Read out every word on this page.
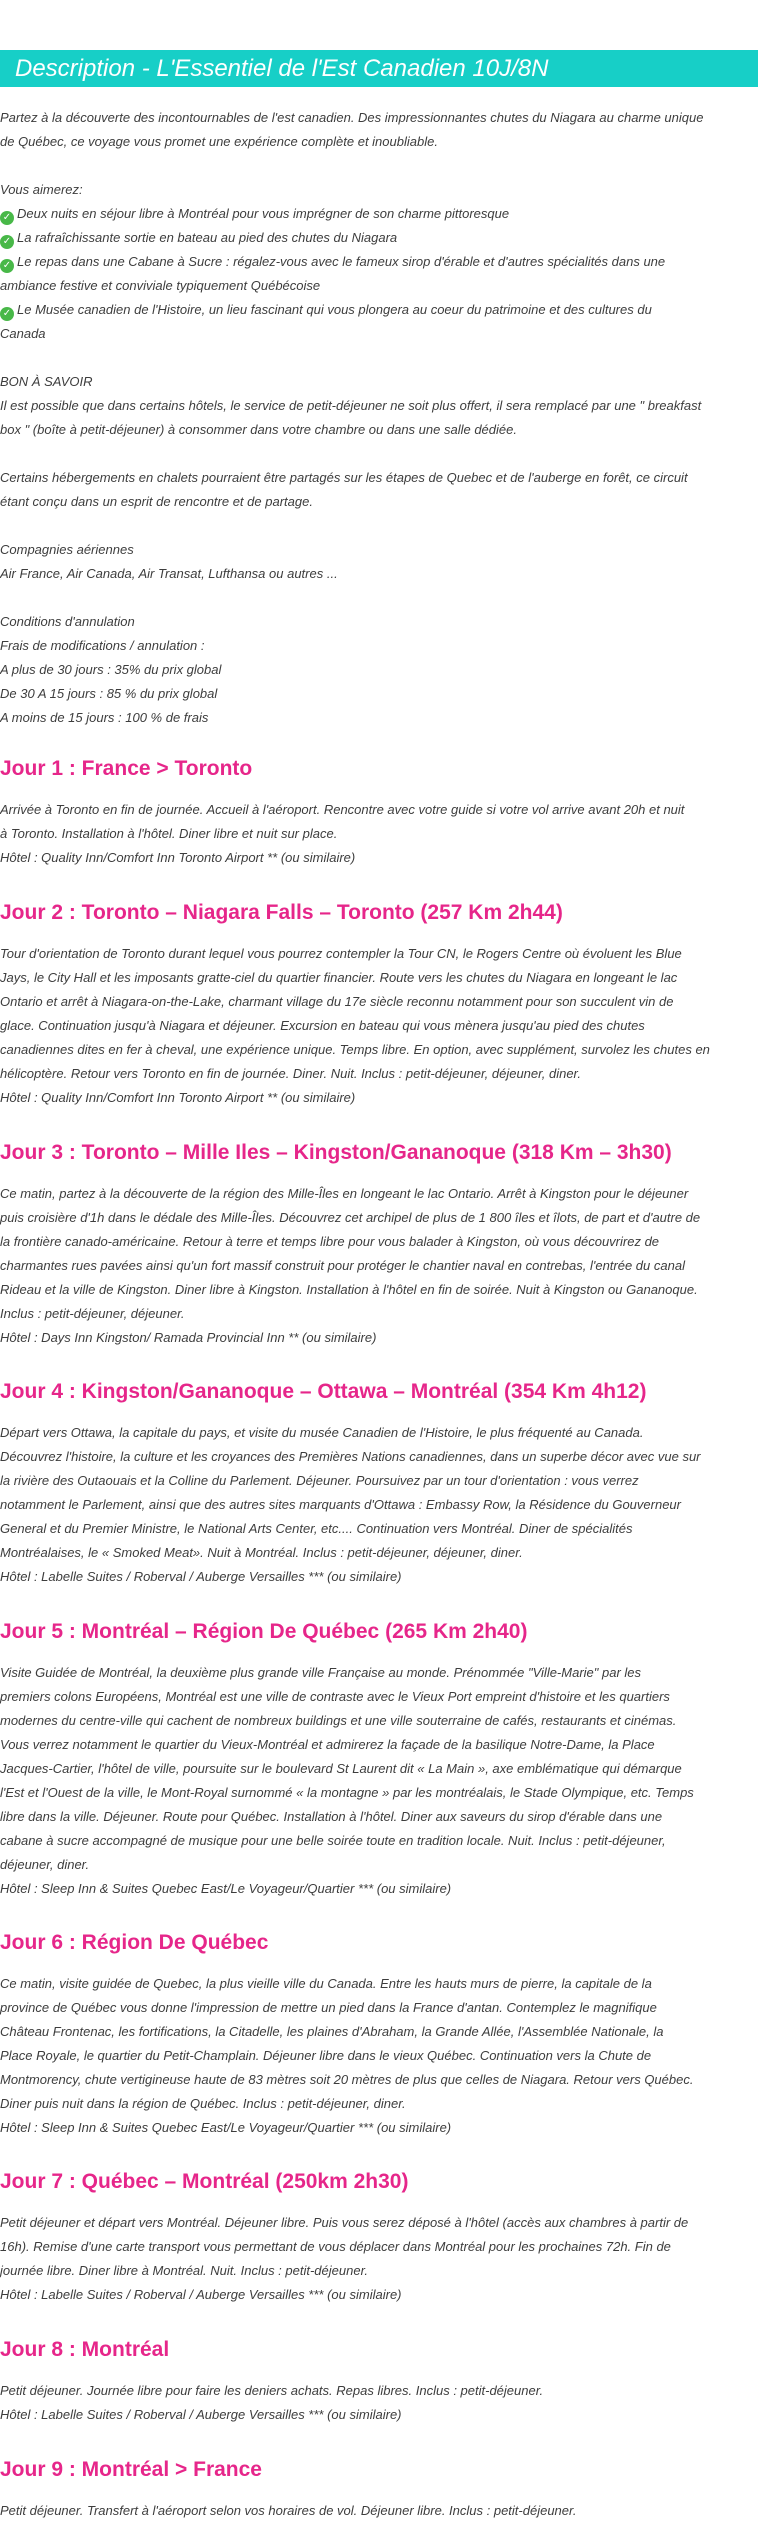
Description - L'Essentiel de l'Est Canadien 10J/8N
Partez à la découverte des incontournables de l'est canadien. Des impressionnantes chutes du Niagara au charme unique
de Québec, ce voyage vous promet une expérience complète et inoubliable.
Vous aimerez:
✓ Deux nuits en séjour libre à Montréal pour vous imprégner de son charme pittoresque
✓ La rafraîchissante sortie en bateau au pied des chutes du Niagara
✓ Le repas dans une Cabane à Sucre : régalez-vous avec le fameux sirop d'érable et d'autres spécialités dans une
ambiance festive et conviviale typiquement Québécoise
✓ Le Musée canadien de l'Histoire, un lieu fascinant qui vous plongera au coeur du patrimoine et des cultures du
Canada
BON À SAVOIR
Il est possible que dans certains hôtels, le service de petit-déjeuner ne soit plus offert, il sera remplacé par une " breakfast
box " (boîte à petit-déjeuner) à consommer dans votre chambre ou dans une salle dédiée.
Certains hébergements en chalets pourraient être partagés sur les étapes de Quebec et de l'auberge en forêt, ce circuit
étant conçu dans un esprit de rencontre et de partage.
Compagnies aériennes
Air France, Air Canada, Air Transat, Lufthansa ou autres ...
Conditions d'annulation
Frais de modifications / annulation :
A plus de 30 jours : 35% du prix global
De 30 A 15 jours : 85 % du prix global
A moins de 15 jours : 100 % de frais
Jour 1 : France > Toronto
Arrivée à Toronto en fin de journée. Accueil à l'aéroport. Rencontre avec votre guide si votre vol arrive avant 20h et nuit
à Toronto. Installation à l'hôtel. Diner libre et nuit sur place.
Hôtel : Quality Inn/Comfort Inn Toronto Airport ** (ou similaire)
Jour 2 : Toronto – Niagara Falls – Toronto (257 Km 2h44)
Tour d'orientation de Toronto durant lequel vous pourrez contempler la Tour CN, le Rogers Centre où évoluent les Blue
Jays, le City Hall et les imposants gratte-ciel du quartier financier. Route vers les chutes du Niagara en longeant le lac
Ontario et arrêt à Niagara-on-the-Lake, charmant village du 17e siècle reconnu notamment pour son succulent vin de
glace. Continuation jusqu'à Niagara et déjeuner. Excursion en bateau qui vous mènera jusqu'au pied des chutes
canadiennes dites en fer à cheval, une expérience unique. Temps libre. En option, avec supplément, survolez les chutes en
hélicoptère. Retour vers Toronto en fin de journée. Diner. Nuit. Inclus : petit-déjeuner, déjeuner, diner.
Hôtel : Quality Inn/Comfort Inn Toronto Airport ** (ou similaire)
Jour 3 : Toronto – Mille Iles – Kingston/Gananoque (318 Km – 3h30)
Ce matin, partez à la découverte de la région des Mille-Îles en longeant le lac Ontario. Arrêt à Kingston pour le déjeuner
puis croisière d'1h dans le dédale des Mille-Îles. Découvrez cet archipel de plus de 1 800 îles et îlots, de part et d'autre de
la frontière canado-américaine. Retour à terre et temps libre pour vous balader à Kingston, où vous découvrirez de
charmantes rues pavées ainsi qu'un fort massif construit pour protéger le chantier naval en contrebas, l'entrée du canal
Rideau et la ville de Kingston. Diner libre à Kingston. Installation à l'hôtel en fin de soirée. Nuit à Kingston ou Gananoque.
Inclus : petit-déjeuner, déjeuner.
Hôtel : Days Inn Kingston/ Ramada Provincial Inn ** (ou similaire)
Jour 4 : Kingston/Gananoque – Ottawa – Montréal (354 Km 4h12)
Départ vers Ottawa, la capitale du pays, et visite du musée Canadien de l'Histoire, le plus fréquenté au Canada.
Découvrez l'histoire, la culture et les croyances des Premières Nations canadiennes, dans un superbe décor avec vue sur
la rivière des Outaouais et la Colline du Parlement. Déjeuner. Poursuivez par un tour d'orientation : vous verrez
notamment le Parlement, ainsi que des autres sites marquants d'Ottawa : Embassy Row, la Résidence du Gouverneur
General et du Premier Ministre, le National Arts Center, etc.... Continuation vers Montréal. Diner de spécialités
Montréalaises, le « Smoked Meat». Nuit à Montréal. Inclus : petit-déjeuner, déjeuner, diner.
Hôtel : Labelle Suites / Roberval / Auberge Versailles *** (ou similaire)
Jour 5 : Montréal – Région De Québec (265 Km 2h40)
Visite Guidée de Montréal, la deuxième plus grande ville Française au monde. Prénommée "Ville-Marie" par les
premiers colons Européens, Montréal est une ville de contraste avec le Vieux Port empreint d'histoire et les quartiers
modernes du centre-ville qui cachent de nombreux buildings et une ville souterraine de cafés, restaurants et cinémas.
Vous verrez notamment le quartier du Vieux-Montréal et admirerez la façade de la basilique Notre-Dame, la Place
Jacques-Cartier, l'hôtel de ville, poursuite sur le boulevard St Laurent dit « La Main », axe emblématique qui démarque
l'Est et l'Ouest de la ville, le Mont-Royal surnommé « la montagne » par les montréalais, le Stade Olympique, etc. Temps
libre dans la ville. Déjeuner. Route pour Québec. Installation à l'hôtel. Diner aux saveurs du sirop d'érable dans une
cabane à sucre accompagné de musique pour une belle soirée toute en tradition locale. Nuit. Inclus : petit-déjeuner,
déjeuner, diner.
Hôtel : Sleep Inn & Suites Quebec East/Le Voyageur/Quartier *** (ou similaire)
Jour 6 : Région De Québec
Ce matin, visite guidée de Quebec, la plus vieille ville du Canada. Entre les hauts murs de pierre, la capitale de la
province de Québec vous donne l'impression de mettre un pied dans la France d'antan. Contemplez le magnifique
Château Frontenac, les fortifications, la Citadelle, les plaines d'Abraham, la Grande Allée, l'Assemblée Nationale, la
Place Royale, le quartier du Petit-Champlain. Déjeuner libre dans le vieux Québec. Continuation vers la Chute de
Montmorency, chute vertigineuse haute de 83 mètres soit 20 mètres de plus que celles de Niagara. Retour vers Québec.
Diner puis nuit dans la région de Québec. Inclus : petit-déjeuner, diner.
Hôtel : Sleep Inn & Suites Quebec East/Le Voyageur/Quartier *** (ou similaire)
Jour 7 : Québec – Montréal (250km 2h30)
Petit déjeuner et départ vers Montréal. Déjeuner libre. Puis vous serez déposé à l'hôtel (accès aux chambres à partir de
16h). Remise d'une carte transport vous permettant de vous déplacer dans Montréal pour les prochaines 72h. Fin de
journée libre. Diner libre à Montréal. Nuit. Inclus : petit-déjeuner.
Hôtel : Labelle Suites / Roberval / Auberge Versailles *** (ou similaire)
Jour 8 : Montréal
Petit déjeuner. Journée libre pour faire les deniers achats. Repas libres. Inclus : petit-déjeuner.
Hôtel : Labelle Suites / Roberval / Auberge Versailles *** (ou similaire)
Jour 9 : Montréal > France
Petit déjeuner. Transfert à l'aéroport selon vos horaires de vol. Déjeuner libre. Inclus : petit-déjeuner.
